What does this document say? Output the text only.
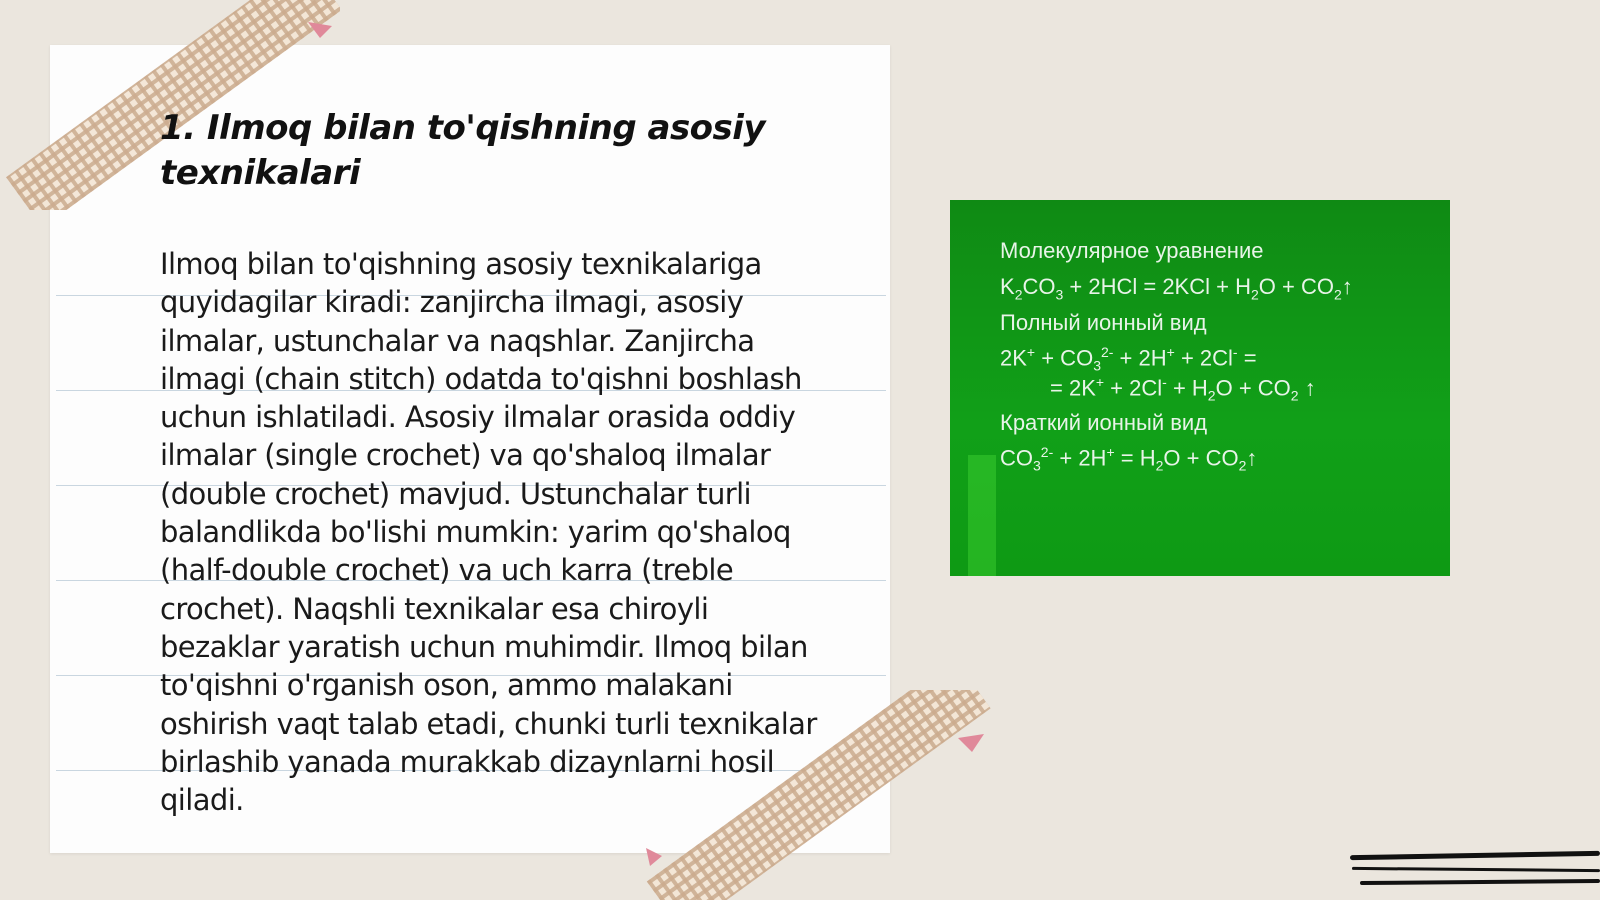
1. Ilmoq bilan to'qishning asosiy texnikalari

Ilmoq bilan to'qishning asosiy texnikalariga quyidagilar kiradi: zanjircha ilmagi, asosiy ilmalar, ustunchalar va naqshlar. Zanjircha ilmagi (chain stitch) odatda to'qishni boshlash uchun ishlatiladi. Asosiy ilmalar orasida oddiy ilmalar (single crochet) va qo'shaloq ilmalar (double crochet) mavjud. Ustunchalar turli balandlikda bo'lishi mumkin: yarim qo'shaloq (half-double crochet) va uch karra (treble crochet). Naqshli texnikalar esa chiroyli bezaklar yaratish uchun muhimdir. Ilmoq bilan to'qishni o'rganish oson, ammo malakani oshirish vaqt talab etadi, chunki turli texnikalar birlashib yanada murakkab dizaynlarni hosil qiladi.

Молекулярное уравнение

$K_2CO_3 + 2HCl = 2KCl + H_2O$ + $CO_2↑$

Полный ионный вид

$2K^+ + CO_3^{2-} + 2H^+ + 2Cl^-$ =

= $2K^+ + 2Cl^- + H_2O + CO_2$ ↑

Краткий ионный вид

$CO_3^{2-} + 2H^+ = H_2O$ + $CO_2↑$
